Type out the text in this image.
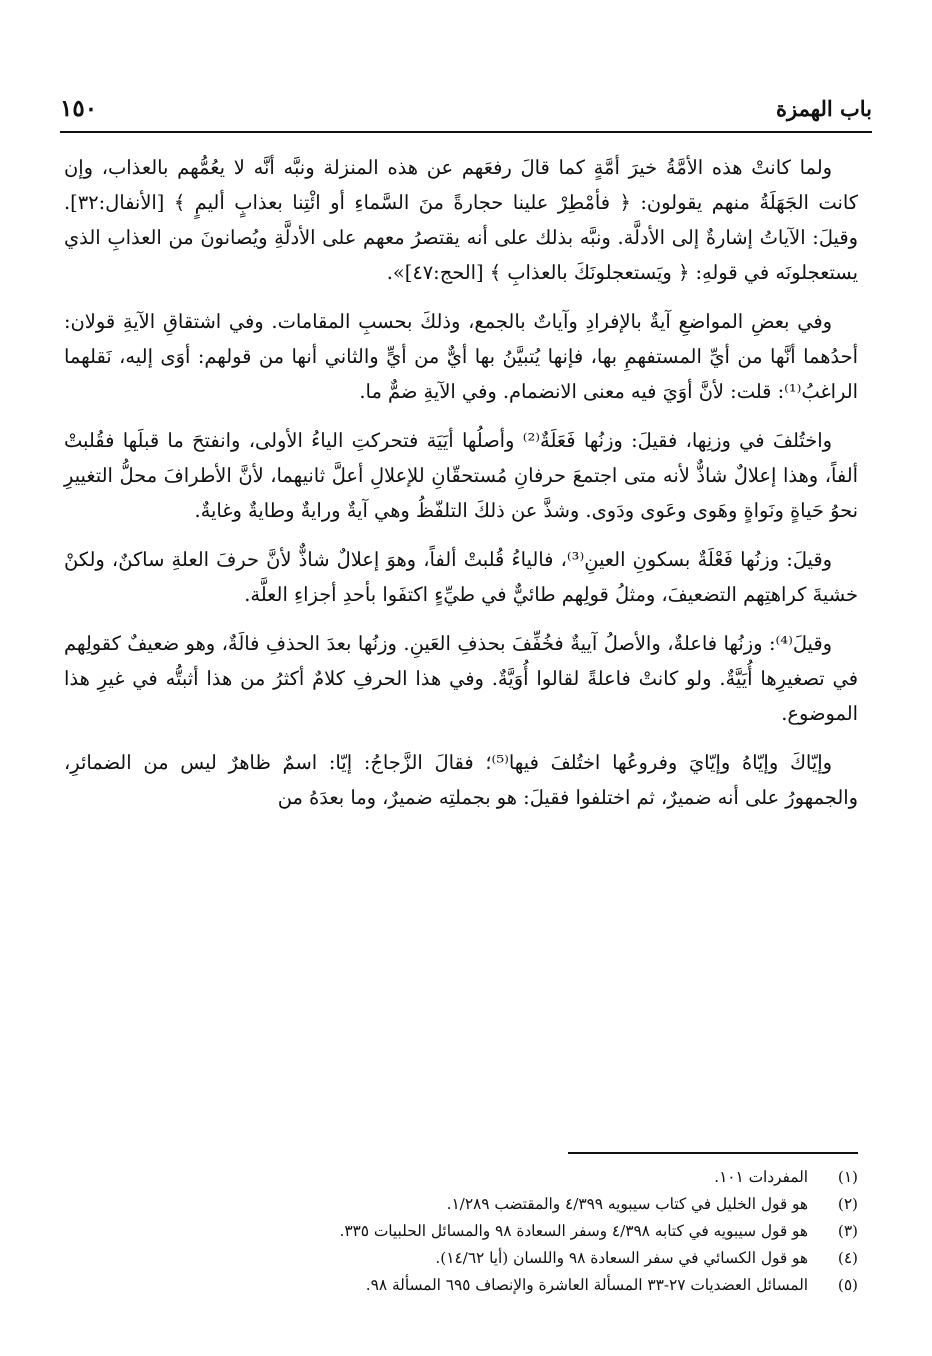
باب الهمزة
١٥٠

ولما كانتْ هذه الأمَّةُ خيرَ أمَّةٍ كما قالَ رفعَهم عن هذه المنزلة ونبَّه أنَّه لا يعُمُّهم بالعذاب، وإن كانت الجَهَلَةُ منهم يقولون: ﴿ فأمْطِرْ علينا حجارةً منَ السَّماءِ أو ائْتِنا بعذابٍ أليمٍ ﴾ [الأنفال:٣٢]. وقيلَ: الآياتُ إشارةٌ إلى الأدلَّة. ونبَّه بذلك على أنه يقتصرُ معهم على الأدلَّةِ ويُصانونَ من العذابِ الذي يستعجلونَه في قولهِ: ﴿ ويَستعجلونَكَ بالعذابِ ﴾ [الحج:٤٧]».

وفي بعضِ المواضعِ آيةٌ بالإفرادِ وآياتٌ بالجمع، وذلكَ بحسبِ المقامات. وفي اشتقاقِ الآيةِ قولان: أحدُهما أنَّها من أيِّ المستفهمِ بها، فإنها يُتبيَّنُ بها أيٌّ من أيٍّ والثاني أنها من قولهم: أوَى إليه، نَقلهما الراغبُ⁽¹⁾: قلت: لأنَّ أوَيَ فيه معنى الانضمام. وفي الآيةِ ضمٌّ ما.

واختُلفَ في وزنِها، فقيلَ: وزنُها فَعَلَةٌ⁽²⁾ وأصلُها أيَيَة فتحركتِ الياءُ الأولى، وانفتحَ ما قبلَها فقُلبتْ ألفاً، وهذا إعلالٌ شاذٌّ لأنه متى اجتمعَ حرفانِ مُستحقّانِ للإعلالِ أعلَّ ثانيهما، لأنَّ الأطرافَ محلُّ التغييرِ نحوُ حَياةٍ ونَواةٍ وهَوى وعَوى ودَوى. وشذَّ عن ذلكَ التلفّظُ وهي آيةٌ ورايةٌ وطايةٌ وغايةٌ.

وقيلَ: وزنُها فَعْلَةٌ بسكونِ العينِ⁽³⁾، فالياءُ قُلبتْ ألفاً، وهوَ إعلالٌ شاذٌّ لأنَّ حرفَ العلةِ ساكنٌ، ولكنْ خشيةَ كراهتِهم التضعيفَ، ومثلُ قولِهم طائيٌّ في طيِّءٍ اكتفَوا بأحدِ أجزاءِ العلَّة.

وقيلَ⁽⁴⁾: وزنُها فاعلةٌ، والأصلُ آييةٌ فخُفِّفَ بحذفِ العَينِ. وزنُها بعدَ الحذفِ فالَةٌ، وهو ضعيفٌ كقولِهم في تصغيرِها أُيَيَّةٌ. ولو كانتْ فاعلةً لقالوا أُوَيَّةٌ. وفي هذا الحرفِ كلامٌ أكثرُ من هذا أثبتُّه في غيرِ هذا الموضوع.

وإيّاكَ وإيّاهُ وإيّايَ وفروعُها اختُلفَ فيها⁽⁵⁾؛ فقالَ الزَّجاجُ: إيّا: اسمٌ ظاهرٌ ليس من الضمائرِ، والجمهورُ على أنه ضميرٌ، ثم اختلفوا فقيلَ: هو بجملتِه ضميرٌ، وما بعدَهُ من

(١)
المفردات ١٠١.
(٢)
هو قول الخليل في كتاب سيبويه ٤/٣٩٩ والمقتضب ١/٢٨٩.
(٣)
هو قول سيبويه في كتابه ٤/٣٩٨ وسفر السعادة ٩٨ والمسائل الحلبيات ٣٣٥.
(٤)
هو قول الكسائي في سفر السعادة ٩٨ واللسان (أيا ١٤/٦٢).
(٥)
المسائل العضديات ٢٧-٣٣ المسألة العاشرة والإنصاف ٦٩٥ المسألة ٩٨.
